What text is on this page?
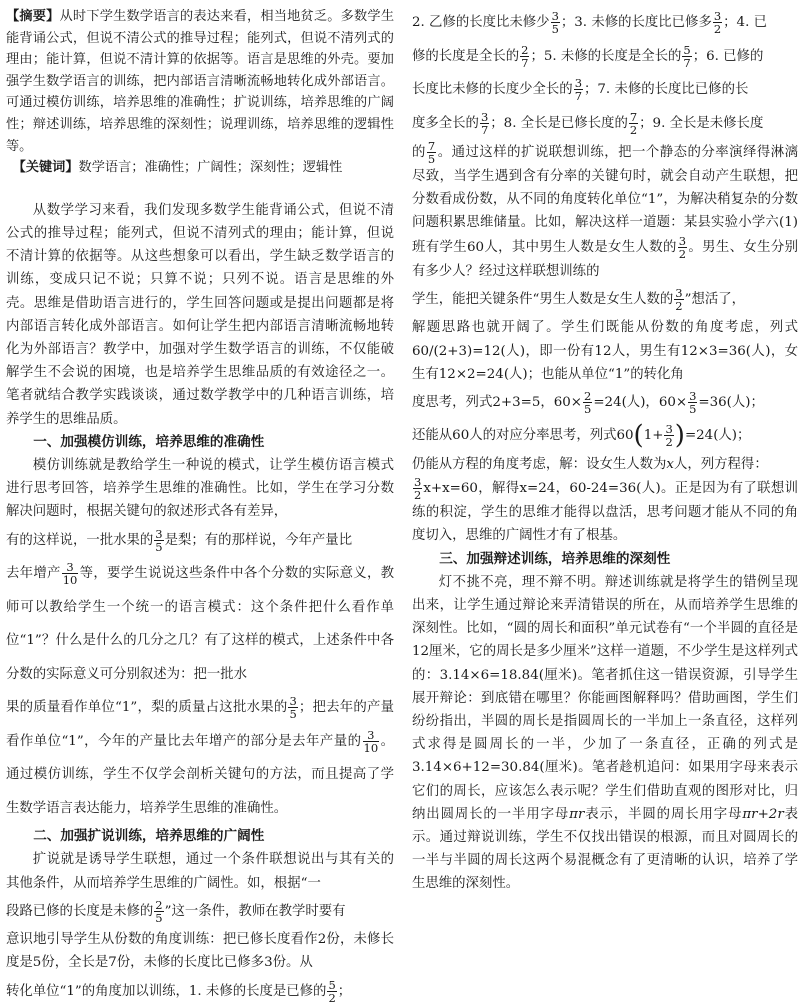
【摘要】从时下学生数学语言的表达来看，相当地贫乏。多数学生能背诵公式，但说不清公式的推导过程；能列式，但说不清列式的理由；能计算，但说不清计算的依据等。语言是思维的外壳。要加强学生数学语言的训练，把内部语言清晰流畅地转化成外部语言。可通过模仿训练，培养思维的准确性；扩说训练，培养思维的广阔性；辩述训练，培养思维的深刻性；说理训练，培养思维的逻辑性等。

【关键词】数学语言；准确性；广阔性；深刻性；逻辑性

从数学学习来看，我们发现多数学生能背诵公式，但说不清公式的推导过程；能列式，但说不清列式的理由；能计算，但说不清计算的依据等。从这些想象可以看出，学生缺乏数学语言的训练，变成只记不说；只算不说；只列不说。语言是思维的外壳。思维是借助语言进行的，学生回答问题或是提出问题都是将内部语言转化成外部语言。如何让学生把内部语言清晰流畅地转化为外部语言？教学中，加强对学生数学语言的训练，不仅能破解学生不会说的困境，也是培养学生思维品质的有效途径之一。笔者就结合教学实践谈谈，通过数学教学中的几种语言训练，培养学生的思维品质。

一、加强模仿训练，培养思维的准确性

模仿训练就是教给学生一种说的模式，让学生模仿语言模式进行思考回答，培养学生思维的准确性。比如，学生在学习分数解决问题时，根据关键句的叙述形式各有差异，

有的这样说，一批水果的 $\frac{3}{5}$ 是梨；有的那样说，今年产量比

去年增产 $\frac{3}{10}$ 等，要学生说说这些条件中各个分数的实际意义，教师可以教给学生一个统一的语言模式：这个条件把什么看作单位“1”？什么是什么的几分之几？有了这样的模式，上述条件中各分数的实际意义可分别叙述为：把一批水

果的质量看作单位“1”，梨的质量占这批水果的 $\frac{3}{5}$ ；把去年的产量看作单位“1”，今年的产量比去年增产的部分是去年产量的 $\frac{3}{10}$ 。通过模仿训练，学生不仅学会剖析关键句的方法，而且提高了学生数学语言表达能力，培养学生思维的准确性。

二、加强扩说训练，培养思维的广阔性

扩说就是诱导学生联想，通过一个条件联想说出与其有关的其他条件，从而培养学生思维的广阔性。如，根据“一

段路已修的长度是未修的 $\frac{2}{5}$ ”这一条件，教师在教学时要有

意识地引导学生从份数的角度训练：把已修长度看作2份，未修长度是5份，全长是7份，未修的长度比已修多3份。从

转化单位“1”的角度加以训练，1. 未修的长度是已修的 $\frac{5}{2}$ ；

2. 乙修的长度比未修少 $\frac{3}{5}$ ；3. 未修的长度比已修多 $\frac{3}{2}$ ；4. 已

修的长度是全长的 $\frac{2}{7}$ ；5. 未修的长度是全长的 $\frac{5}{7}$ ；6. 已修的

长度比未修的长度少全长的 $\frac{3}{7}$ ；7. 未修的长度比已修的长

度多全长的 $\frac{3}{7}$ ；8. 全长是已修长度的 $\frac{7}{2}$ ；9. 全长是未修长度

的 $\frac{7}{5}$ 。通过这样的扩说联想训练，把一个静态的分率演绎得淋漓尽致，当学生遇到含有分率的关键句时，就会自动产生联想，把分数看成份数，从不同的角度转化单位“1”，为解决稍复杂的分数问题积累思维储量。比如，解决这样一道题：某县实验小学六(1)班有学生60人，其中男生人数是女生人数的 $\frac{3}{2}$ 。男生、女生分别有多少人？经过这样联想训练的

学生，能把关键条件“男生人数是女生人数的 $\frac{3}{2}$ ”想活了，

解题思路也就开阔了。学生们既能从份数的角度考虑，列式60/(2+3)=12(人)，即一份有12人，男生有12×3=36(人)，女生有12×2=24(人)；也能从单位“1”的转化角

度思考，列式2+3=5，$60\times \frac{2}{5} =24$(人)，$60\times \frac{3}{5} =36$(人)；

还能从60人的对应分率思考，列式$60(1+ \frac{3}{2} )=24$(人)；

仍能从方程的角度考虑，解：设女生人数为x人，列方程得：

$\frac{3}{2} x+x=60$，解得x=24，60-24=36(人)。正是因为有了联想训练的积淀，学生的思维才能得以盘活，思考问题才能从不同的角度切入，思维的广阔性才有了根基。

三、加强辩述训练，培养思维的深刻性

灯不挑不亮，理不辩不明。辩述训练就是将学生的错例呈现出来，让学生通过辩论来弄清错误的所在，从而培养学生思维的深刻性。比如，“圆的周长和面积”单元试卷有“一个半圆的直径是12厘米，它的周长是多少厘米”这样一道题，不少学生是这样列式的：3.14×6=18.84(厘米)。笔者抓住这一错误资源，引导学生展开辩论：到底错在哪里？你能画图解释吗？借助画图，学生们纷纷指出，半圆的周长是指圆周长的一半加上一条直径，这样列式求得是圆周长的一半，少加了一条直径，正确的列式是3.14×6+12=30.84(厘米)。笔者趁机追问：如果用字母来表示它们的周长，应该怎么表示呢？学生们借助直观的图形对比，归纳出圆周长的一半用字母πr表示，半圆的周长用字母πr+2r表示。通过辩说训练，学生不仅找出错误的根源，而且对圆周长的一半与半圆的周长这两个易混概念有了更清晰的认识，培养了学生思维的深刻性。
